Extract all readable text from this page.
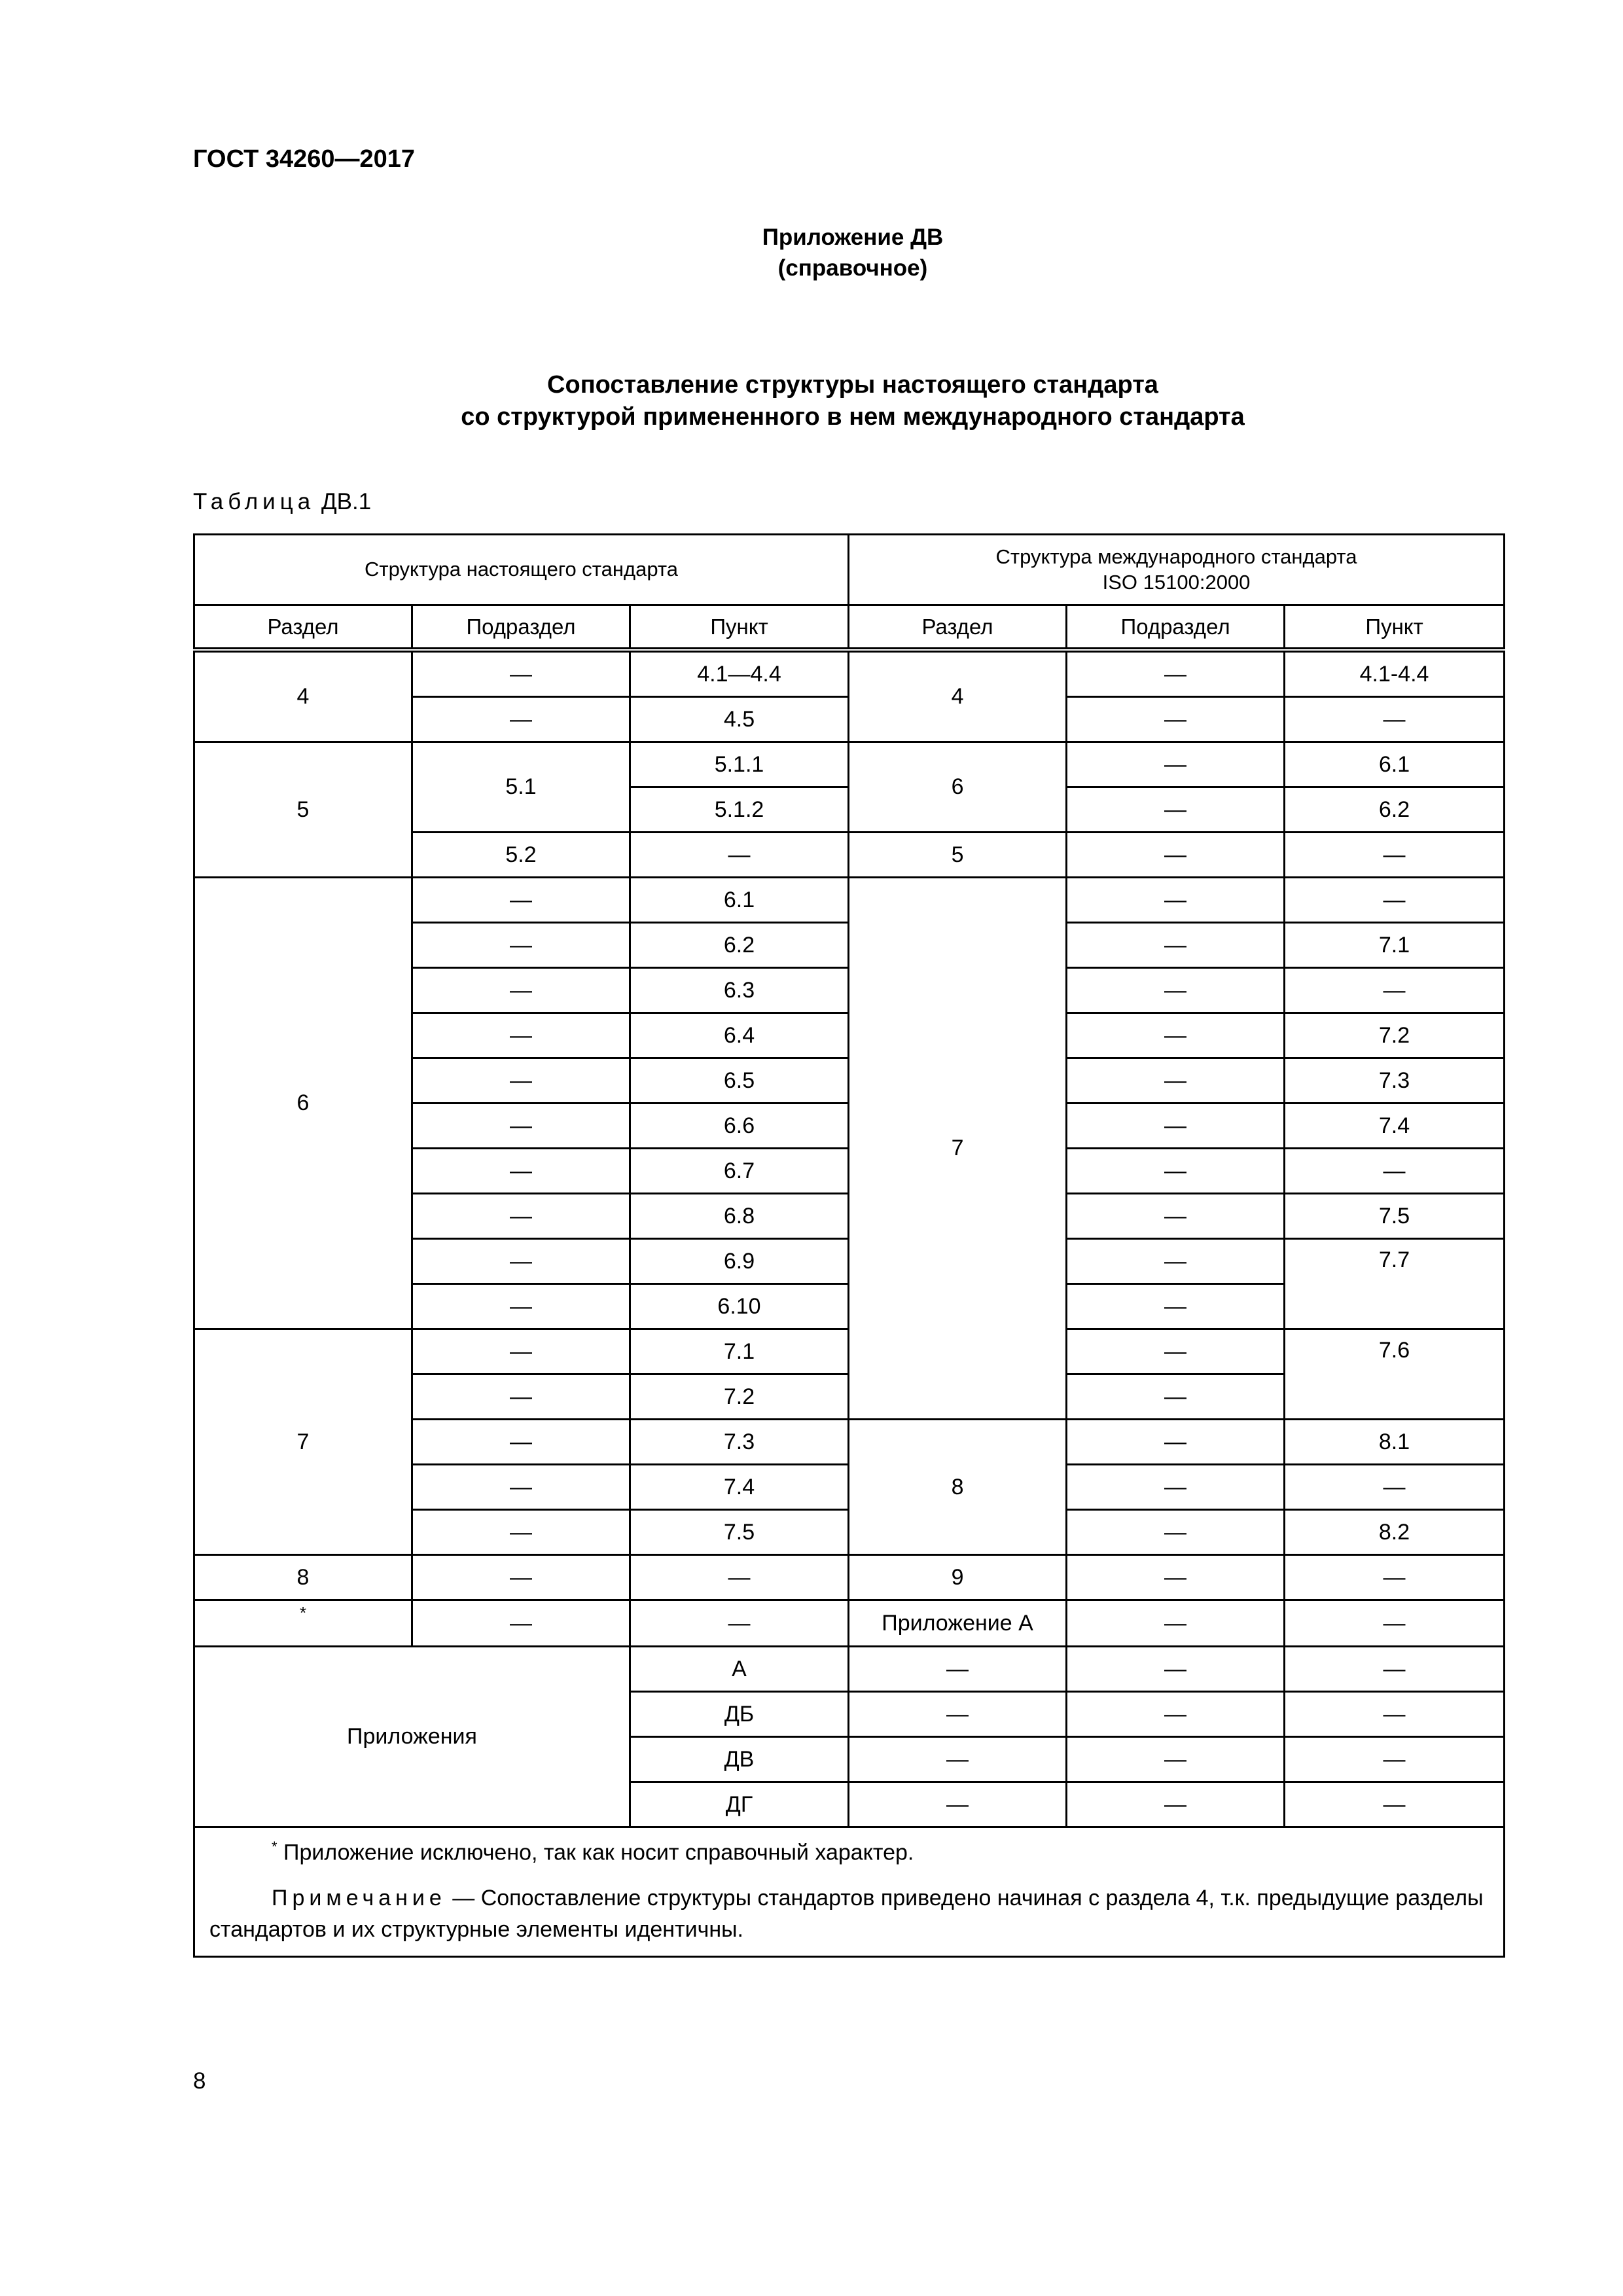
ГОСТ 34260—2017
Приложение ДВ
(справочное)
Сопоставление структуры настоящего стандарта
со структурой примененного в нем международного стандарта
Таблица ДВ.1
Структура настоящего стандарта			Структура международного стандарта
ISO 15100:2000		
Раздел	Подраздел	Пункт	Раздел	Подраздел	Пункт
4	—	4.1—4.4	4	—	4.1-4.4
	—	4.5		—	—
5	5.1	5.1.1	6	—	6.1
		5.1.2		—	6.2
	5.2	—	5	—	—
6	—	6.1	7	—	—
	—	6.2		—	7.1
	—	6.3		—	—
	—	6.4		—	7.2
	—	6.5		—	7.3
	—	6.6		—	7.4
	—	6.7		—	—
	—	6.8		—	7.5
	—	6.9		—	7.7
	—	6.10		—	
7	—	7.1		—	7.6
	—	7.2		—	
	—	7.3	8	—	8.1
	—	7.4		—	—
	—	7.5		—	8.2
8	—	—	9	—	—
*	—	—	Приложение А	—	—
Приложения		А	—	—	—
		ДБ	—	—	—
		ДВ	—	—	—
		ДГ	—	—	—

* Приложение исключено, так как носит справочный характер.
Примечание — Сопоставление структуры стандартов приведено начиная с раздела 4, т.к. предыдущие разделы стандартов и их структурные элементы идентичны.					
8
